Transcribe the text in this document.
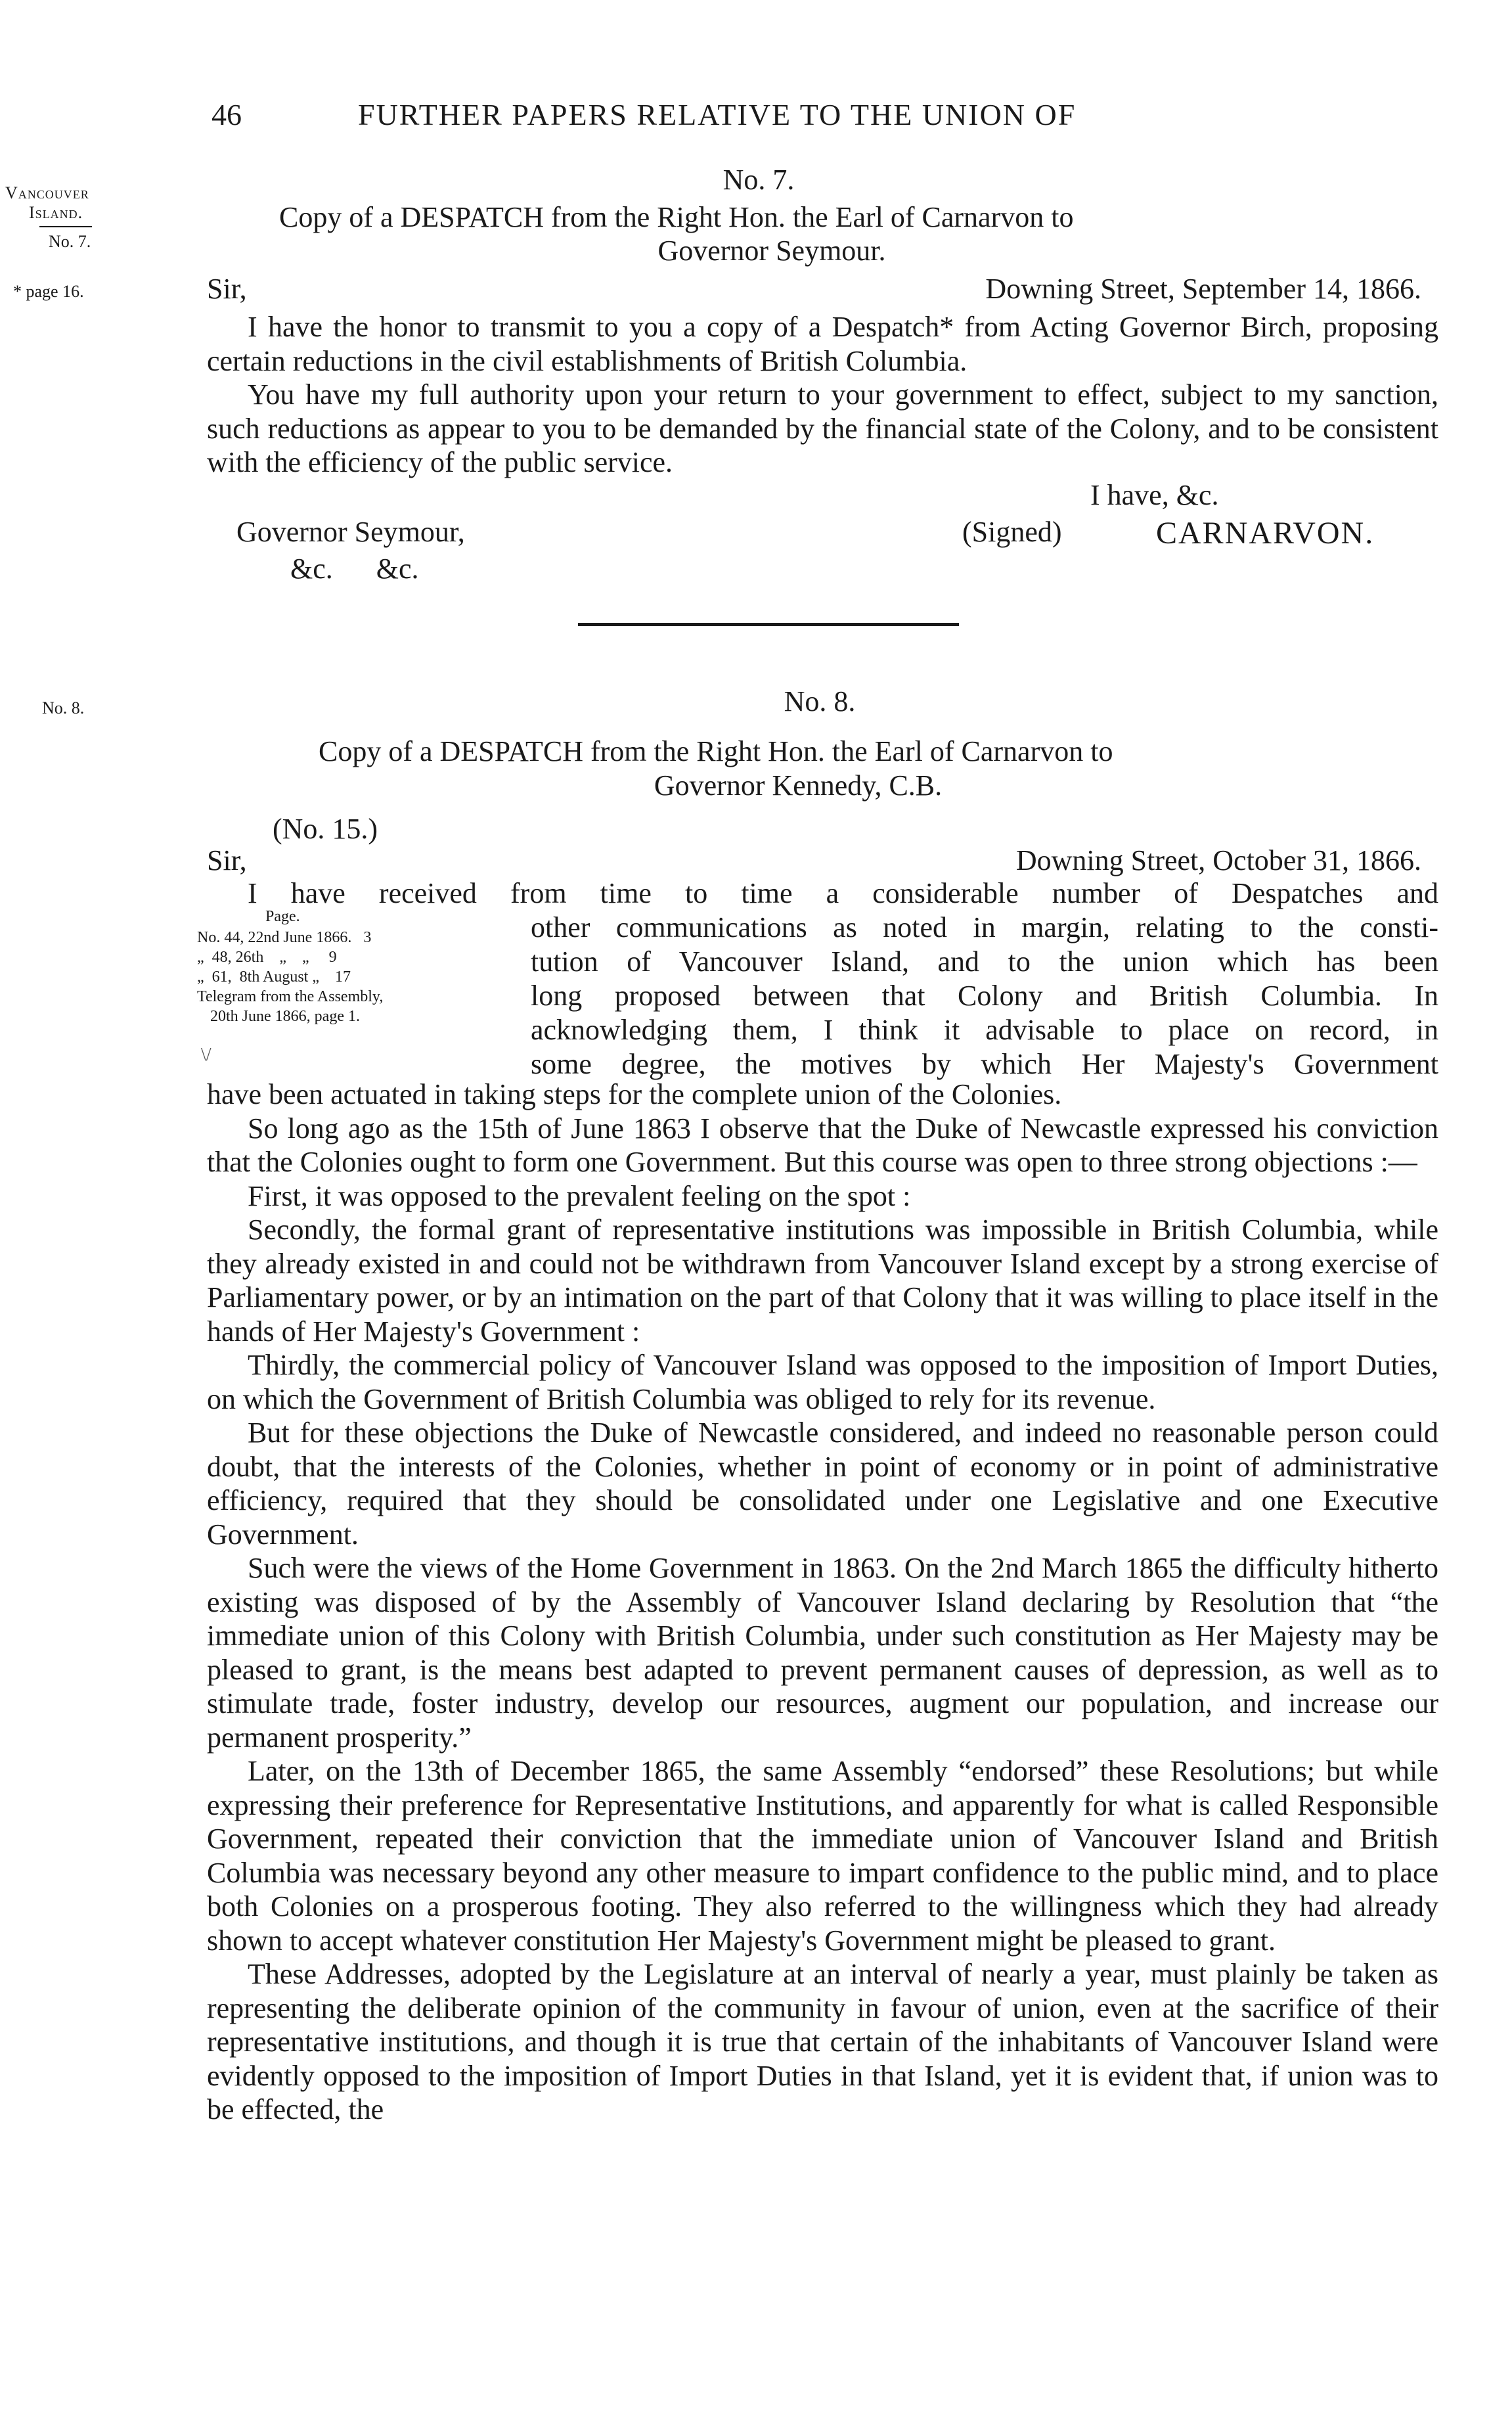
46	FURTHER PAPERS RELATIVE TO THE UNION OF
Vancouver
Island.
No. 7.
* page 16.
No. 8.
No. 7.
Copy of a DESPATCH from the Right Hon. the Earl of Carnarvon to
Governor Seymour.
Sir,	Downing Street, September 14, 1866.

I have the honor to transmit to you a copy of a Despatch* from Acting Governor Birch, proposing certain reductions in the civil establishments of British Columbia.

You have my full authority upon your return to your government to effect, subject to my sanction, such reductions as appear to you to be demanded by the financial state of the Colony, and to be consistent with the efficiency of the public service.

I have, &c.
Governor Seymour,	(Signed)	CARNARVON.
&c.      &c.
No. 8.
Copy of a DESPATCH from the Right Hon. the Earl of Carnarvon to
Governor Kennedy, C.B.
(No. 15.)
Sir,	Downing Street, October 31, 1866.
I have received from time to time a considerable number of Despatches and
Page.
No. 44, 22nd June 1866.   3
„  48, 26th    „    „     9
„  61,  8th August „    17
Telegram from the Assembly,
20th June 1866, page 1.
\/
other communications as noted in margin, relating to the consti-
tution of Vancouver Island, and to the union which has been
long proposed between that Colony and British Columbia. In
acknowledging them, I think it advisable to place on record, in
some degree, the motives by which Her Majesty's Government

have been actuated in taking steps for the complete union of the Colonies.

So long ago as the 15th of June 1863 I observe that the Duke of Newcastle expressed his conviction that the Colonies ought to form one Government. But this course was open to three strong objections :—

First, it was opposed to the prevalent feeling on the spot :

Secondly, the formal grant of representative institutions was impossible in British Columbia, while they already existed in and could not be withdrawn from Vancouver Island except by a strong exercise of Parliamentary power, or by an intimation on the part of that Colony that it was willing to place itself in the hands of Her Majesty's Government :

Thirdly, the commercial policy of Vancouver Island was opposed to the imposition of Import Duties, on which the Government of British Columbia was obliged to rely for its revenue.

But for these objections the Duke of Newcastle considered, and indeed no reasonable person could doubt, that the interests of the Colonies, whether in point of economy or in point of administrative efficiency, required that they should be consolidated under one Legislative and one Executive Government.

Such were the views of the Home Government in 1863. On the 2nd March 1865 the difficulty hitherto existing was disposed of by the Assembly of Vancouver Island declaring by Resolution that “the immediate union of this Colony with British Columbia, under such constitution as Her Majesty may be pleased to grant, is the means best adapted to prevent permanent causes of depression, as well as to stimulate trade, foster industry, develop our resources, augment our population, and increase our permanent prosperity.”

Later, on the 13th of December 1865, the same Assembly “endorsed” these Resolutions; but while expressing their preference for Representative Institutions, and apparently for what is called Responsible Government, repeated their conviction that the immediate union of Vancouver Island and British Columbia was necessary beyond any other measure to impart confidence to the public mind, and to place both Colonies on a prosperous footing. They also referred to the willingness which they had already shown to accept whatever constitution Her Majesty's Government might be pleased to grant.

These Addresses, adopted by the Legislature at an interval of nearly a year, must plainly be taken as representing the deliberate opinion of the community in favour of union, even at the sacrifice of their representative institutions, and though it is true that certain of the inhabitants of Vancouver Island were evidently opposed to the imposition of Import Duties in that Island, yet it is evident that, if union was to be effected, the
